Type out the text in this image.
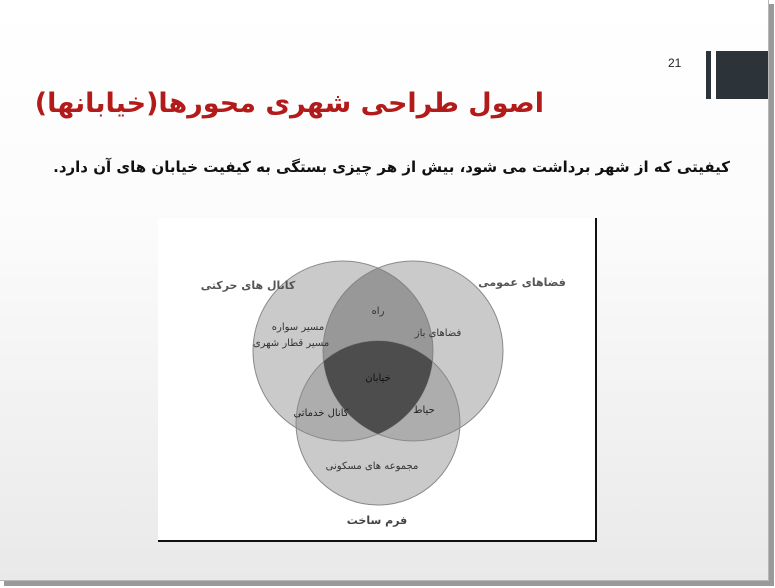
21
اصول طراحی شهری محورها(خیابانها)
کیفیتی که از شهر برداشت می شود، بیش از هر چیزی بستگی به کیفیت خیابان های آن دارد.
کانال های حرکتی	فضاهای عمومی
فرم ساخت
مسیر سواره
مسیر قطار شهری
فضاهای باز
راه
کانال خدماتی	حیاط
مجموعه های مسکونی
خیابان
